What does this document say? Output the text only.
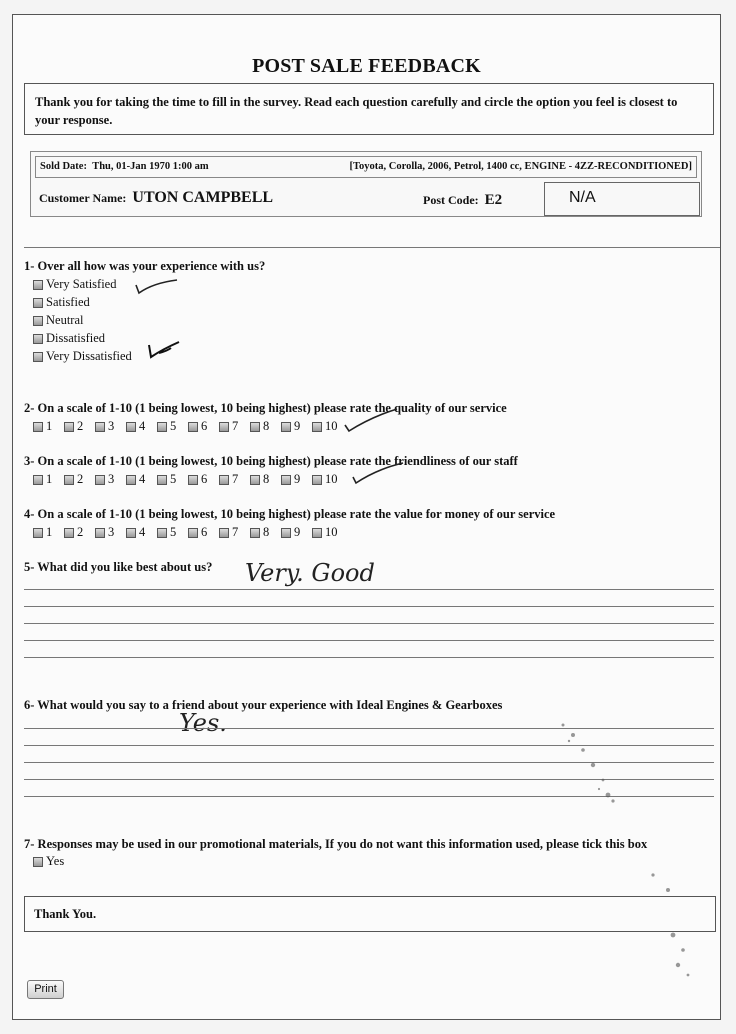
POST SALE FEEDBACK
Thank you for taking the time to fill in the survey. Read each question carefully and circle the option you feel is closest to your response.
Sold Date: Thu, 01-Jan 1970 1:00 am	[Toyota, Corolla, 2006, Petrol, 1400 cc, ENGINE - 4ZZ-RECONDITIONED]
Customer Name: UTON CAMPBELL	Post Code: E2	N/A
1- Over all how was your experience with us?
Very Satisfied
Satisfied
Neutral
Dissatisfied
Very Dissatisfied
2- On a scale of 1-10 (1 being lowest, 10 being highest) please rate the quality of our service
1 2 3 4 5 6 7 8 9 10
3- On a scale of 1-10 (1 being lowest, 10 being highest) please rate the friendliness of our staff
1 2 3 4 5 6 7 8 9 10
4- On a scale of 1-10 (1 being lowest, 10 being highest) please rate the value for money of our service
1 2 3 4 5 6 7 8 9 10
5- What did you like best about us? Very. Good
6- What would you say to a friend about your experience with Ideal Engines & Gearboxes
Yes.
7- Responses may be used in our promotional materials, If you do not want this information used, please tick this box
Yes
Thank You.
Print
